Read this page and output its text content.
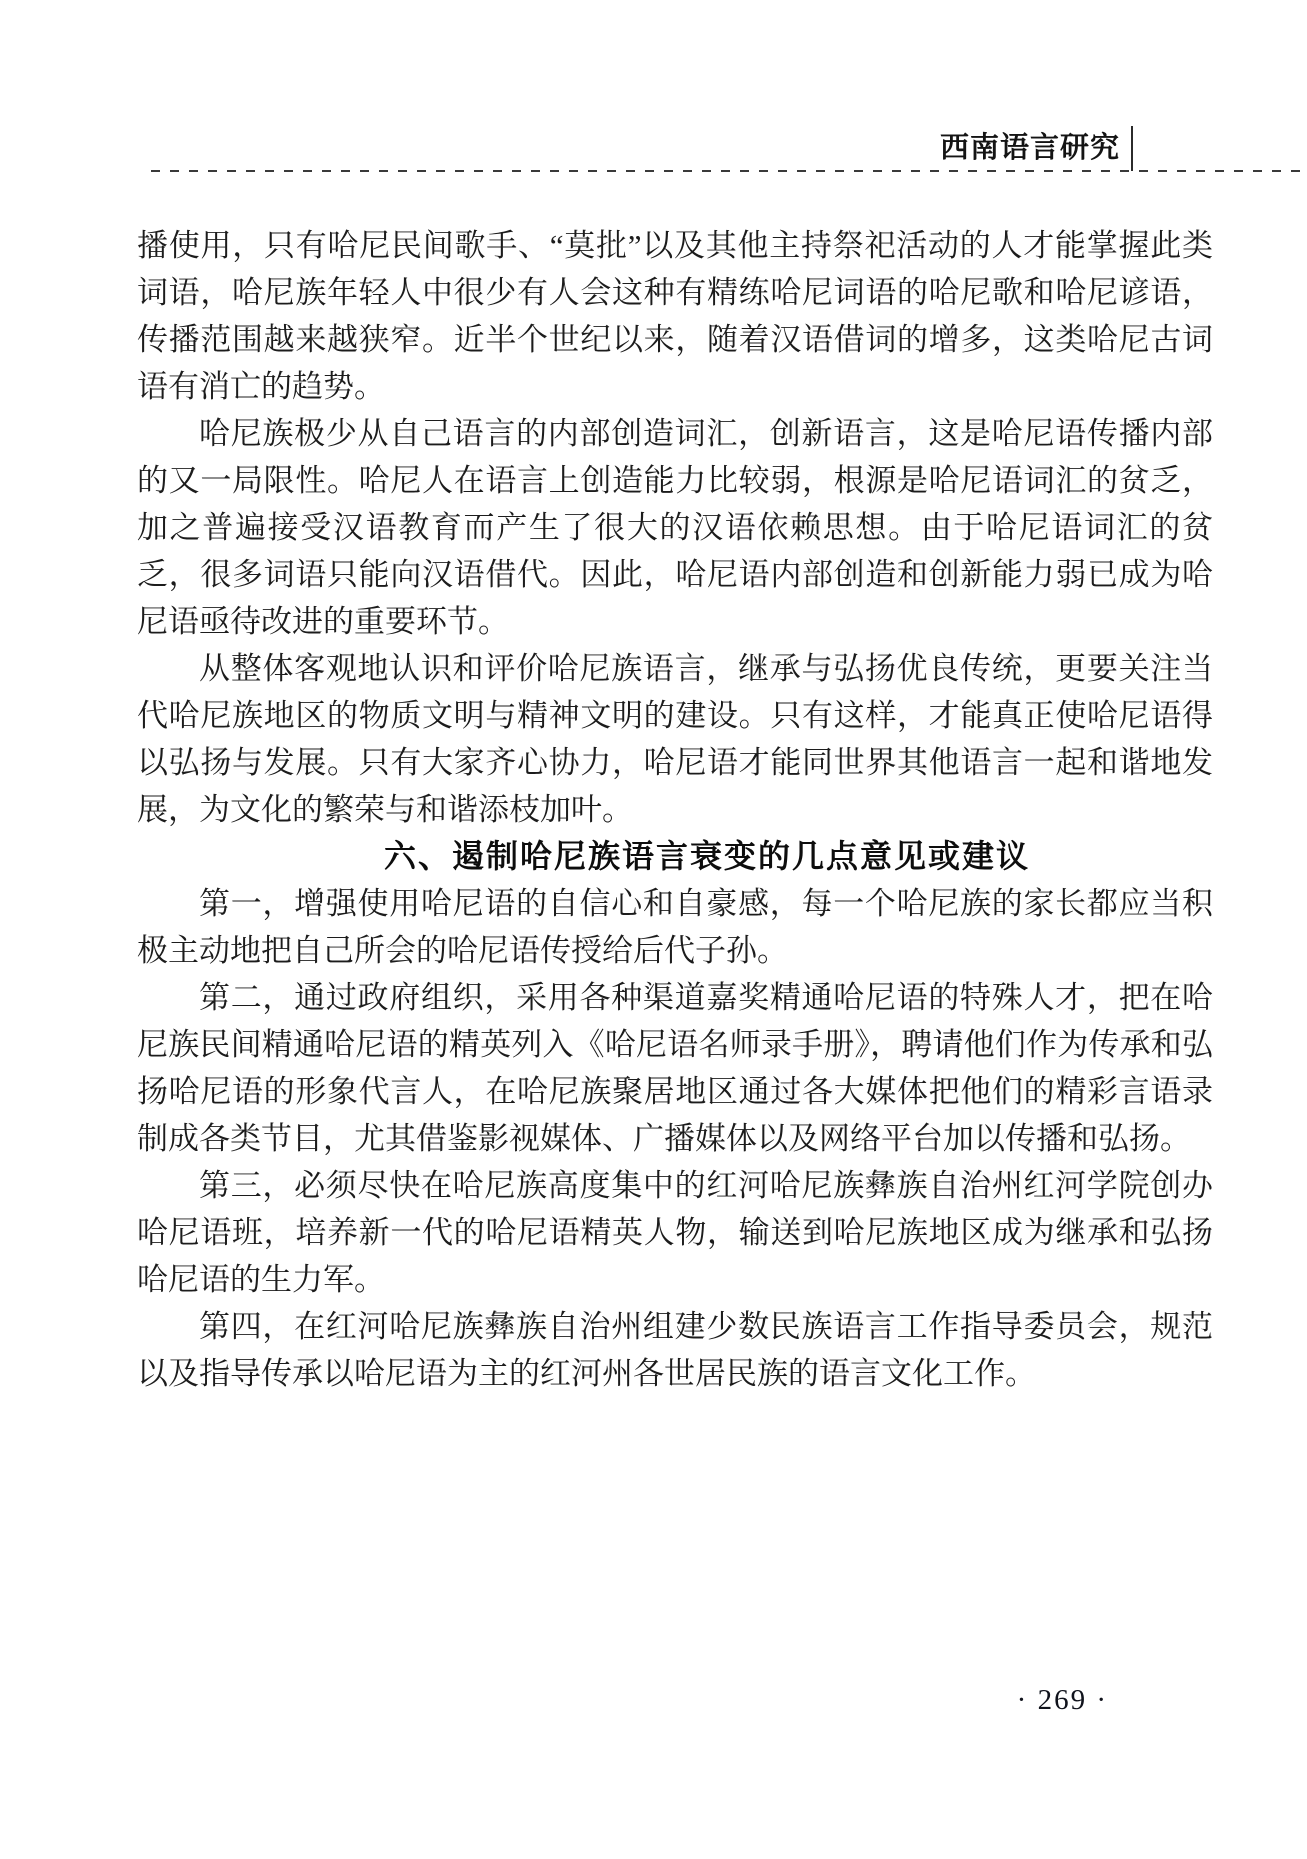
西南语言研究

播使用，只有哈尼民间歌手、“莫批”以及其他主持祭祀活动的人才能掌握此类词语，哈尼族年轻人中很少有人会这种有精练哈尼词语的哈尼歌和哈尼谚语，传播范围越来越狭窄。近半个世纪以来，随着汉语借词的增多，这类哈尼古词语有消亡的趋势。

哈尼族极少从自己语言的内部创造词汇，创新语言，这是哈尼语传播内部的又一局限性。哈尼人在语言上创造能力比较弱，根源是哈尼语词汇的贫乏，加之普遍接受汉语教育而产生了很大的汉语依赖思想。由于哈尼语词汇的贫乏，很多词语只能向汉语借代。因此，哈尼语内部创造和创新能力弱已成为哈尼语亟待改进的重要环节。

从整体客观地认识和评价哈尼族语言，继承与弘扬优良传统，更要关注当代哈尼族地区的物质文明与精神文明的建设。只有这样，才能真正使哈尼语得以弘扬与发展。只有大家齐心协力，哈尼语才能同世界其他语言一起和谐地发展，为文化的繁荣与和谐添枝加叶。

六、遏制哈尼族语言衰变的几点意见或建议

第一，增强使用哈尼语的自信心和自豪感，每一个哈尼族的家长都应当积极主动地把自己所会的哈尼语传授给后代子孙。

第二，通过政府组织，采用各种渠道嘉奖精通哈尼语的特殊人才，把在哈尼族民间精通哈尼语的精英列入《哈尼语名师录手册》，聘请他们作为传承和弘扬哈尼语的形象代言人，在哈尼族聚居地区通过各大媒体把他们的精彩言语录制成各类节目，尤其借鉴影视媒体、广播媒体以及网络平台加以传播和弘扬。

第三，必须尽快在哈尼族高度集中的红河哈尼族彝族自治州红河学院创办哈尼语班，培养新一代的哈尼语精英人物，输送到哈尼族地区成为继承和弘扬哈尼语的生力军。

第四，在红河哈尼族彝族自治州组建少数民族语言工作指导委员会，规范以及指导传承以哈尼语为主的红河州各世居民族的语言文化工作。

· 269 ·
